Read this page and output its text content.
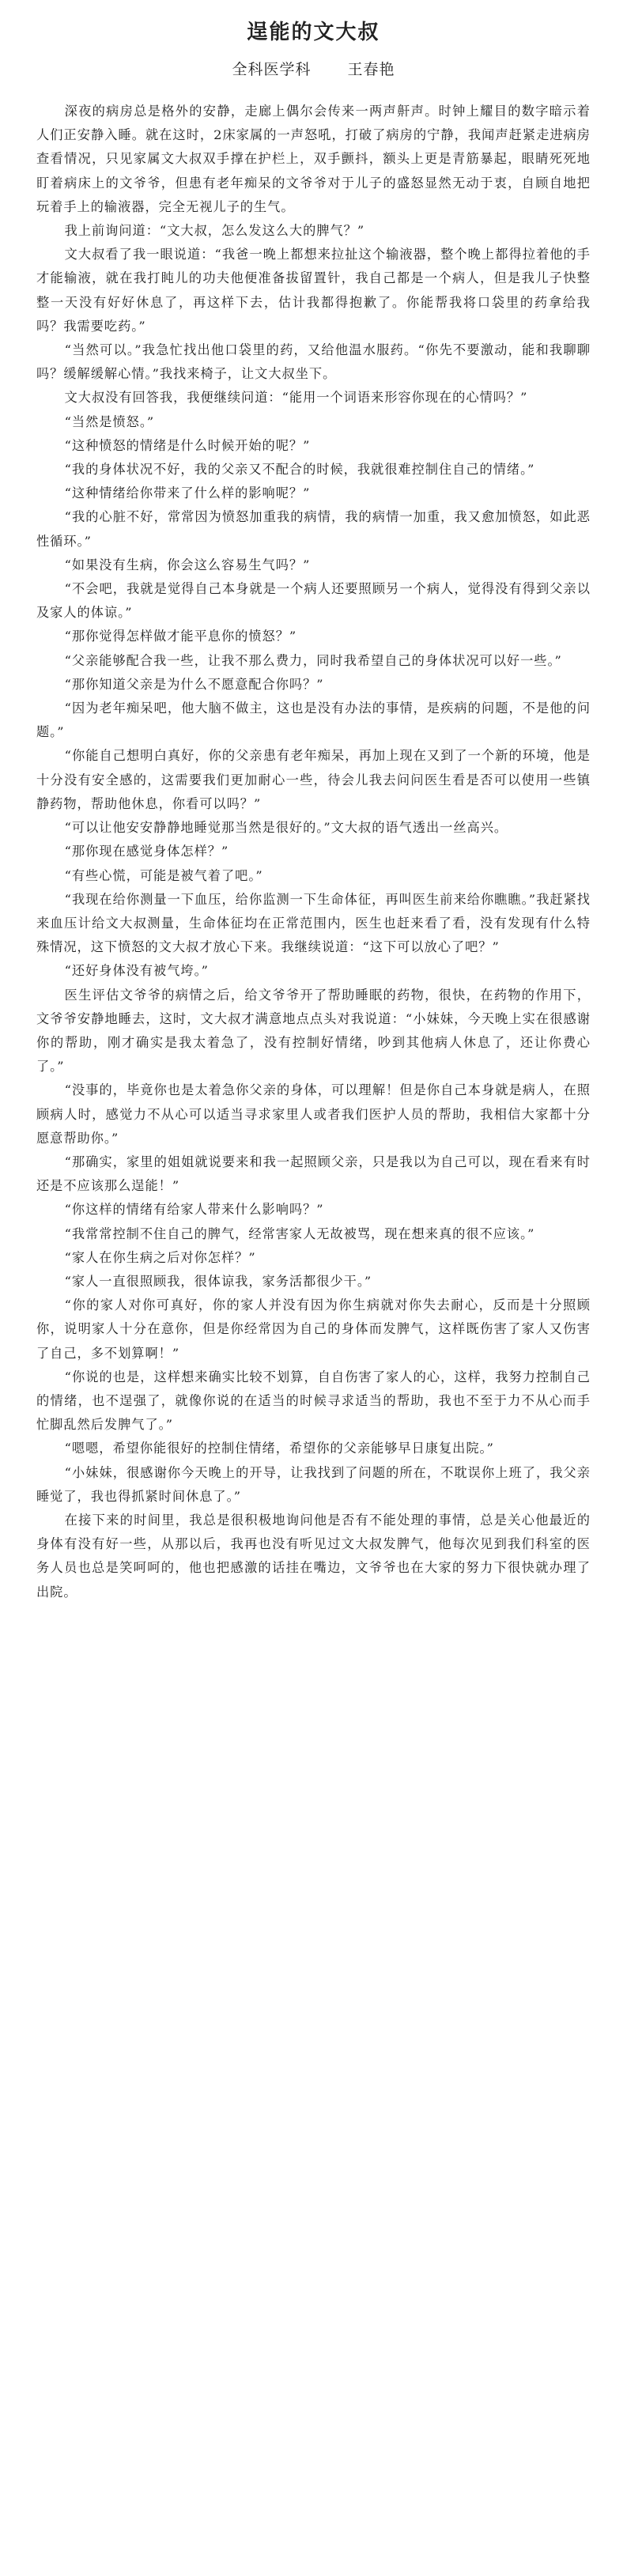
逞能的文大叔
全科医学科 王春艳

深夜的病房总是格外的安静，走廊上偶尔会传来一两声鼾声。时钟上耀目的数字暗示着人们正安静入睡。就在这时，2床家属的一声怒吼，打破了病房的宁静，我闻声赶紧走进病房查看情况，只见家属文大叔双手撑在护栏上，双手颤抖，额头上更是青筋暴起，眼睛死死地盯着病床上的文爷爷，但患有老年痴呆的文爷爷对于儿子的盛怒显然无动于衷，自顾自地把玩着手上的输液器，完全无视儿子的生气。

我上前询问道：“文大叔，怎么发这么大的脾气？”

文大叔看了我一眼说道：“我爸一晚上都想来拉扯这个输液器，整个晚上都得拉着他的手才能输液，就在我打盹儿的功夫他便准备拔留置针，我自己都是一个病人，但是我儿子快整整一天没有好好休息了，再这样下去，估计我都得抱歉了。你能帮我将口袋里的药拿给我吗？我需要吃药。”

“当然可以。”我急忙找出他口袋里的药，又给他温水服药。“你先不要激动，能和我聊聊吗？缓解缓解心情。”我找来椅子，让文大叔坐下。

文大叔没有回答我，我便继续问道：“能用一个词语来形容你现在的心情吗？”

“当然是愤怒。”

“这种愤怒的情绪是什么时候开始的呢？”

“我的身体状况不好，我的父亲又不配合的时候，我就很难控制住自己的情绪。”

“这种情绪给你带来了什么样的影响呢？”

“我的心脏不好，常常因为愤怒加重我的病情，我的病情一加重，我又愈加愤怒，如此恶性循环。”

“如果没有生病，你会这么容易生气吗？”

“不会吧，我就是觉得自己本身就是一个病人还要照顾另一个病人，觉得没有得到父亲以及家人的体谅。”

“那你觉得怎样做才能平息你的愤怒？”

“父亲能够配合我一些，让我不那么费力，同时我希望自己的身体状况可以好一些。”

“那你知道父亲是为什么不愿意配合你吗？”

“因为老年痴呆吧，他大脑不做主，这也是没有办法的事情，是疾病的问题，不是他的问题。”

“你能自己想明白真好，你的父亲患有老年痴呆，再加上现在又到了一个新的环境，他是十分没有安全感的，这需要我们更加耐心一些，待会儿我去问问医生看是否可以使用一些镇静药物，帮助他休息，你看可以吗？”

“可以让他安安静静地睡觉那当然是很好的。”文大叔的语气透出一丝高兴。

“那你现在感觉身体怎样？”

“有些心慌，可能是被气着了吧。”

“我现在给你测量一下血压，给你监测一下生命体征，再叫医生前来给你瞧瞧。”我赶紧找来血压计给文大叔测量，生命体征均在正常范围内，医生也赶来看了看，没有发现有什么特殊情况，这下愤怒的文大叔才放心下来。我继续说道：“这下可以放心了吧？”

“还好身体没有被气垮。”

医生评估文爷爷的病情之后，给文爷爷开了帮助睡眠的药物，很快，在药物的作用下，文爷爷安静地睡去，这时，文大叔才满意地点点头对我说道：“小妹妹，今天晚上实在很感谢你的帮助，刚才确实是我太着急了，没有控制好情绪，吵到其他病人休息了，还让你费心了。”

“没事的，毕竟你也是太着急你父亲的身体，可以理解！但是你自己本身就是病人，在照顾病人时，感觉力不从心可以适当寻求家里人或者我们医护人员的帮助，我相信大家都十分愿意帮助你。”

“那确实，家里的姐姐就说要来和我一起照顾父亲，只是我以为自己可以，现在看来有时还是不应该那么逞能！”

“你这样的情绪有给家人带来什么影响吗？”

“我常常控制不住自己的脾气，经常害家人无故被骂，现在想来真的很不应该。”

“家人在你生病之后对你怎样？”

“家人一直很照顾我，很体谅我，家务活都很少干。”

“你的家人对你可真好，你的家人并没有因为你生病就对你失去耐心，反而是十分照顾你，说明家人十分在意你，但是你经常因为自己的身体而发脾气，这样既伤害了家人又伤害了自己，多不划算啊！”

“你说的也是，这样想来确实比较不划算，自自伤害了家人的心，这样，我努力控制自己的情绪，也不逞强了，就像你说的在适当的时候寻求适当的帮助，我也不至于力不从心而手忙脚乱然后发脾气了。”

“嗯嗯，希望你能很好的控制住情绪，希望你的父亲能够早日康复出院。”

“小妹妹，很感谢你今天晚上的开导，让我找到了问题的所在，不耽误你上班了，我父亲睡觉了，我也得抓紧时间休息了。”

在接下来的时间里，我总是很积极地询问他是否有不能处理的事情，总是关心他最近的身体有没有好一些，从那以后，我再也没有听见过文大叔发脾气，他每次见到我们科室的医务人员也总是笑呵呵的，他也把感激的话挂在嘴边，文爷爷也在大家的努力下很快就办理了出院。
